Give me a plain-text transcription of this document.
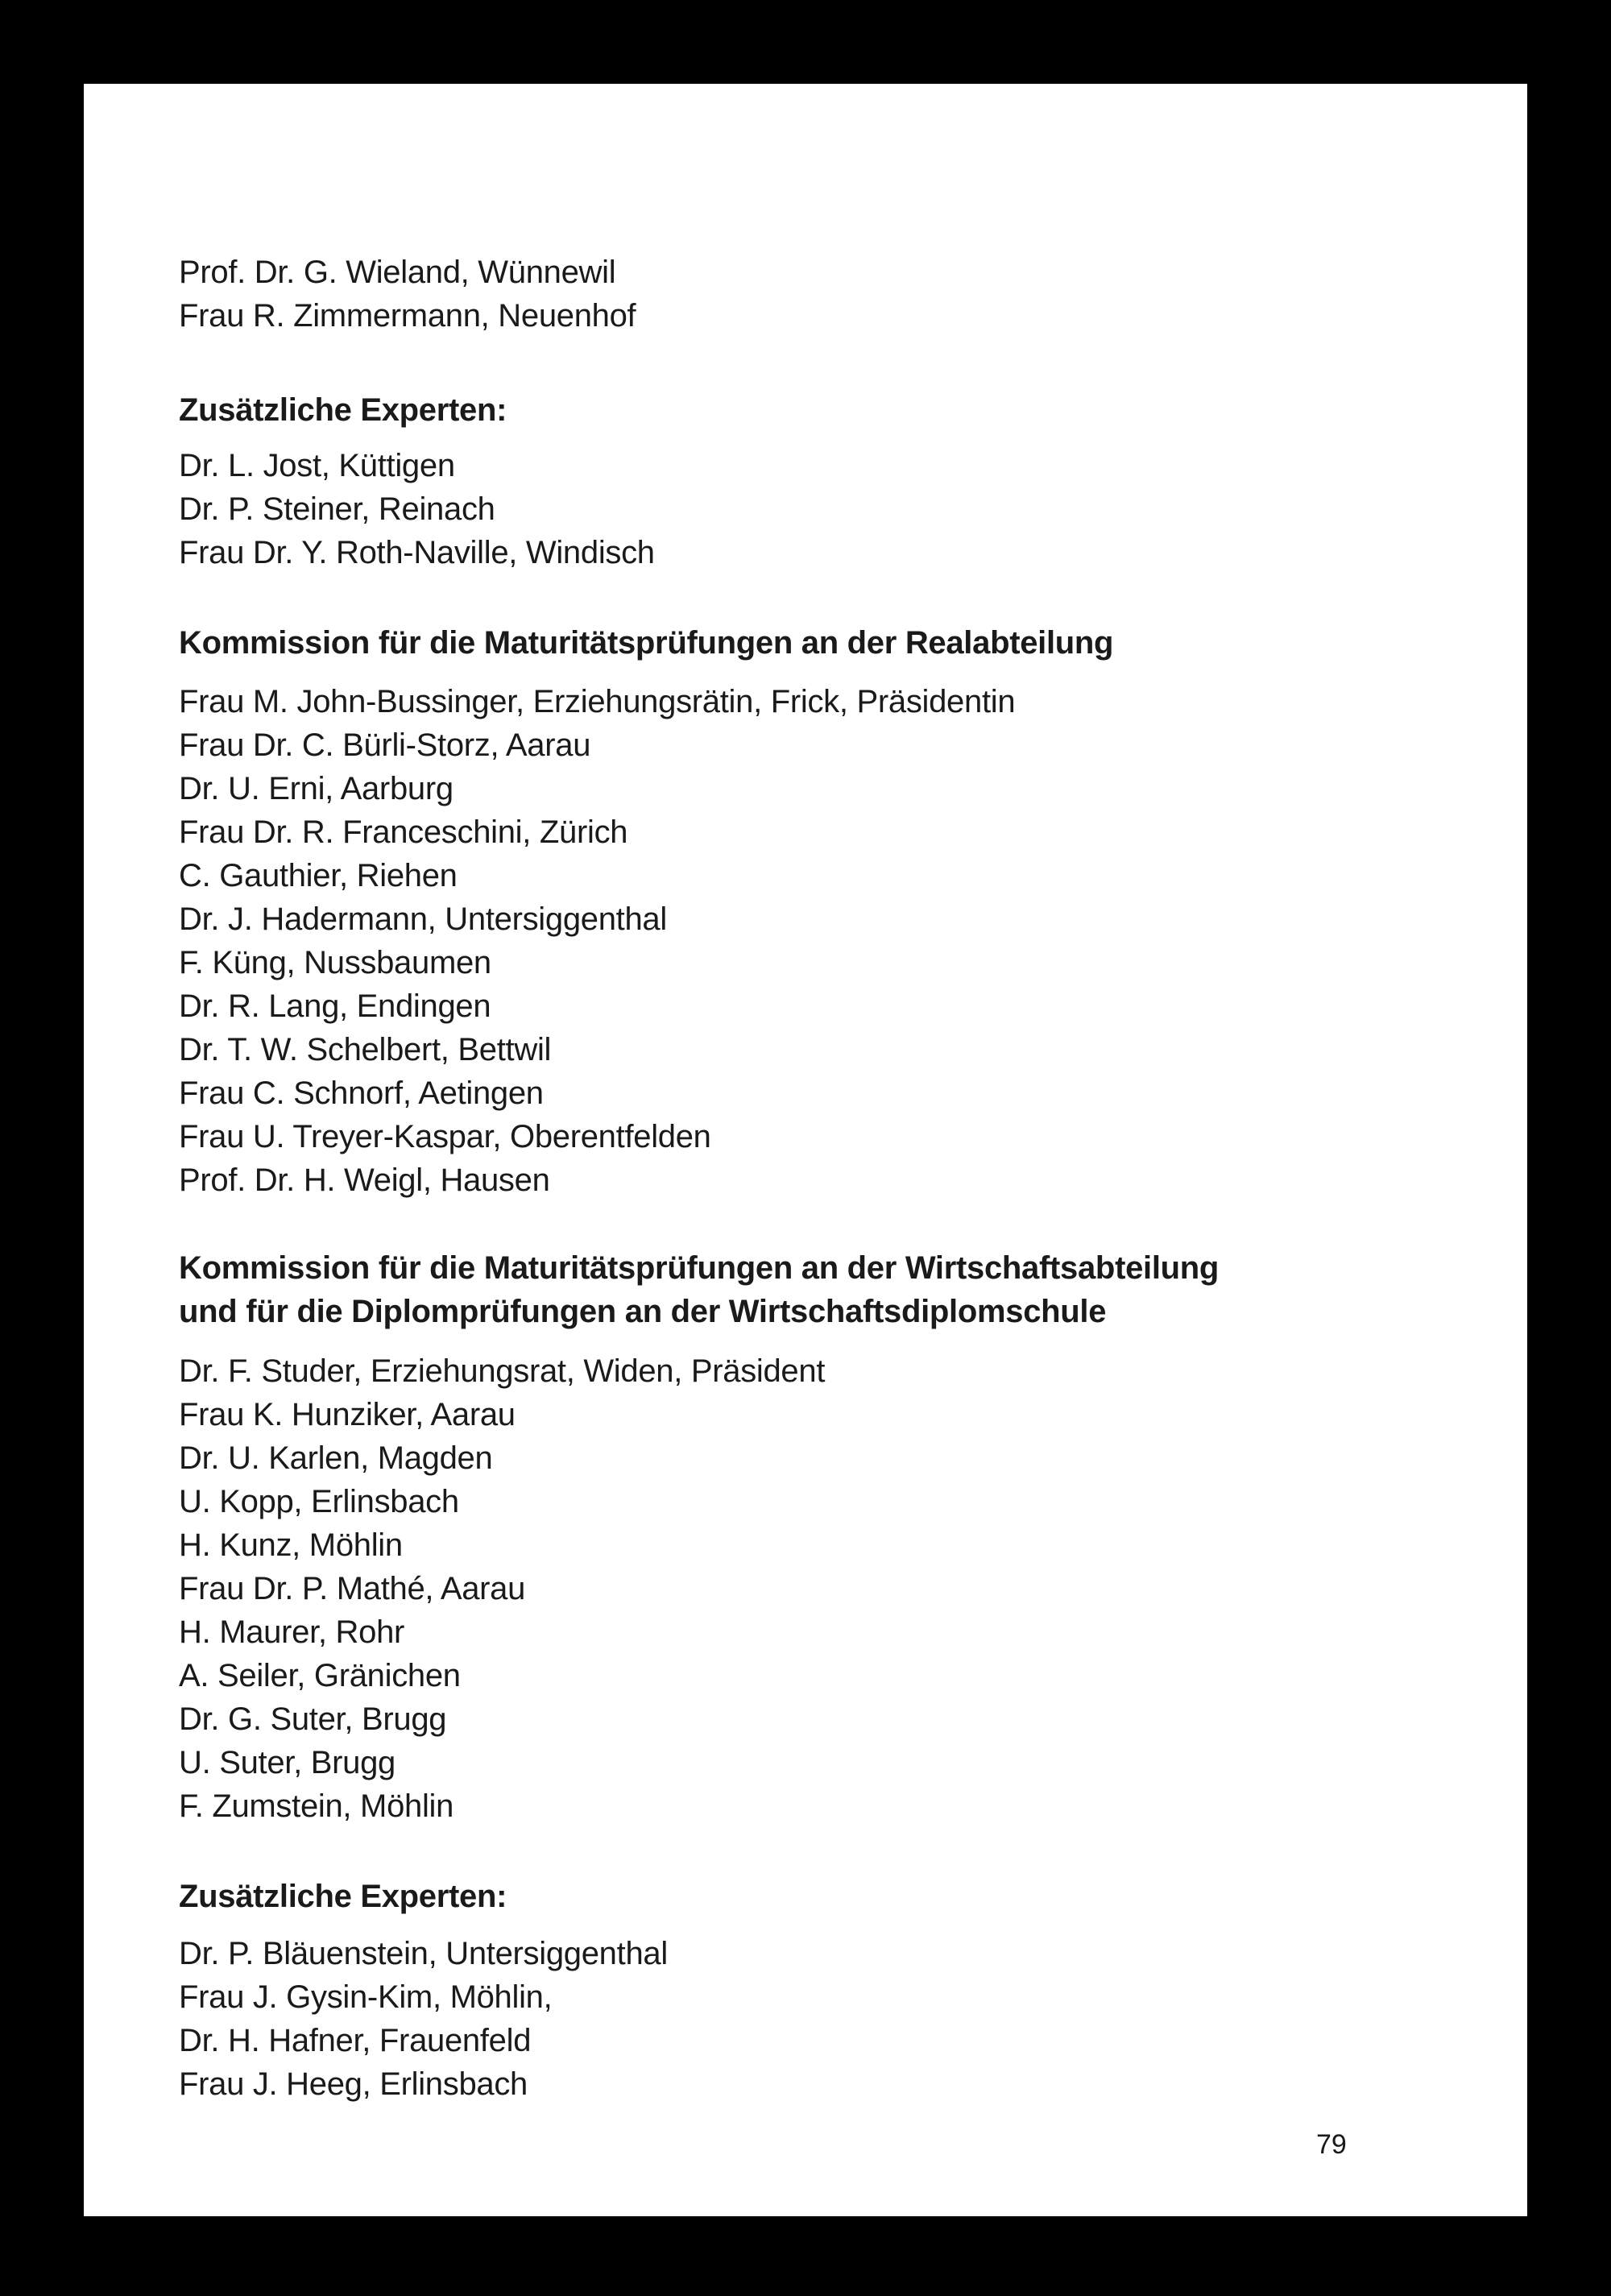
Prof. Dr. G. Wieland, Wünnewil
Frau R. Zimmermann, Neuenhof
Zusätzliche Experten:
Dr. L. Jost, Küttigen
Dr. P. Steiner, Reinach
Frau Dr. Y. Roth-Naville, Windisch
Kommission für die Maturitätsprüfungen an der Realabteilung
Frau M. John-Bussinger, Erziehungsrätin, Frick, Präsidentin
Frau Dr. C. Bürli-Storz, Aarau
Dr. U. Erni, Aarburg
Frau Dr. R. Franceschini, Zürich
C. Gauthier, Riehen
Dr. J. Hadermann, Untersiggenthal
F. Küng, Nussbaumen
Dr. R. Lang, Endingen
Dr. T. W. Schelbert, Bettwil
Frau C. Schnorf, Aetingen
Frau U. Treyer-Kaspar, Oberentfelden
Prof. Dr. H. Weigl, Hausen
Kommission für die Maturitätsprüfungen an der Wirtschaftsabteilung
und für die Diplomprüfungen an der Wirtschaftsdiplomschule
Dr. F. Studer, Erziehungsrat, Widen, Präsident
Frau K. Hunziker, Aarau
Dr. U. Karlen, Magden
U. Kopp, Erlinsbach
H. Kunz, Möhlin
Frau Dr. P. Mathé, Aarau
H. Maurer, Rohr
A. Seiler, Gränichen
Dr. G. Suter, Brugg
U. Suter, Brugg
F. Zumstein, Möhlin
Zusätzliche Experten:
Dr. P. Bläuenstein, Untersiggenthal
Frau J. Gysin-Kim, Möhlin,
Dr. H. Hafner, Frauenfeld
Frau J. Heeg, Erlinsbach
79
